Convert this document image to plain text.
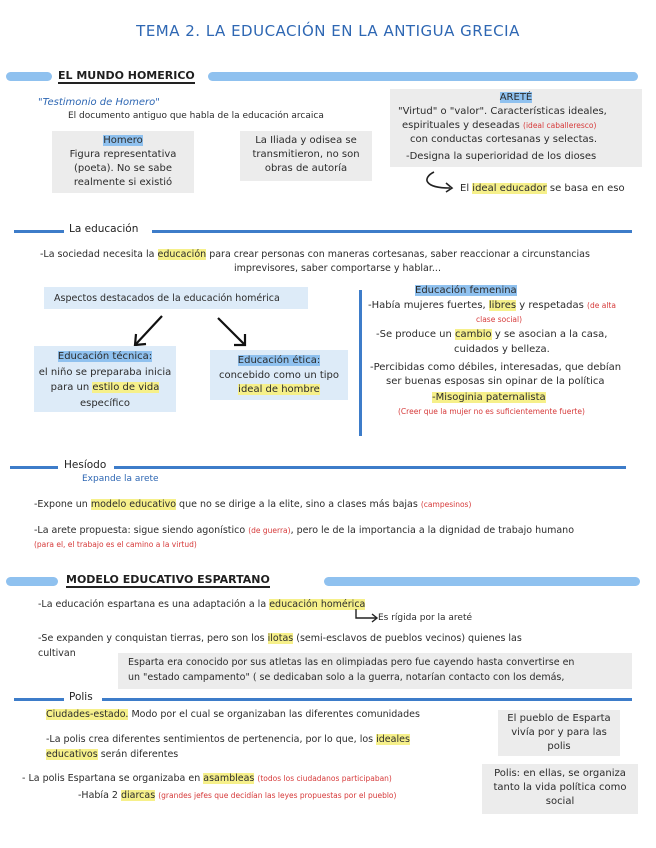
TEMA 2. LA EDUCACIÓN EN LA ANTIGUA GRECIA
EL MUNDO HOMERICO
"Testimonio de Homero"
El documento antiguo que habla de la educación arcaica
Homero
Figura representativa
(poeta). No se sabe
realmente si existió
La Iliada y odisea se
transmitieron, no son
obras de autoría
ARETÉ
"Virtud" o "valor". Características ideales,
espirituales y deseadas (ideal caballeresco)
con conductas cortesanas y selectas.
-Designa la superioridad de los dioses
El ideal educador se basa en eso
La educación
-La sociedad necesita la educación para crear personas con maneras cortesanas, saber reaccionar a circunstancias
imprevisores, saber comportarse y hablar...
Aspectos destacados de la educación homérica
Educación técnica:
el niño se preparaba inicia
para un estilo de vida
específico
Educación ética:
concebido como un tipo
ideal de hombre
Educación femenina
-Había mujeres fuertes, libres y respetadas (de alta
clase social)
-Se produce un cambio y se asocian a la casa,
cuidados y belleza.
-Percibidas como débiles, interesadas, que debían
ser buenas esposas sin opinar de la política
-Misoginia paternalista
(Creer que la mujer no es suficientemente fuerte)
Hesíodo
Expande la arete
-Expone un modelo educativo que no se dirige a la elite, sino a clases más bajas (campesinos)
-La arete propuesta: sigue siendo agonístico (de guerra), pero le de la importancia a la dignidad de trabajo humano
(para el, el trabajo es el camino a la virtud)
MODELO EDUCATIVO ESPARTANO
-La educación espartana es una adaptación a la educación homérica
Es rígida por la areté
-Se expanden y conquistan tierras, pero son los ilotas (semi-esclavos de pueblos vecinos) quienes las
cultivan
Esparta era conocido por sus atletas las en olimpiadas pero fue cayendo hasta convertirse en
un "estado campamento" ( se dedicaban solo a la guerra, notarían contacto con los demás,
Polis
Ciudades-estado. Modo por el cual se organizaban las diferentes comunidades
-La polis crea diferentes sentimientos de pertenencia, por lo que, los ideales
educativos serán diferentes
- La polis Espartana se organizaba en asambleas (todos los ciudadanos participaban)
-Había 2 diarcas (grandes jefes que decidían las leyes propuestas por el pueblo)
El pueblo de Esparta
vivía por y para las
polis
Polis: en ellas, se organiza
tanto la vida política como
social
